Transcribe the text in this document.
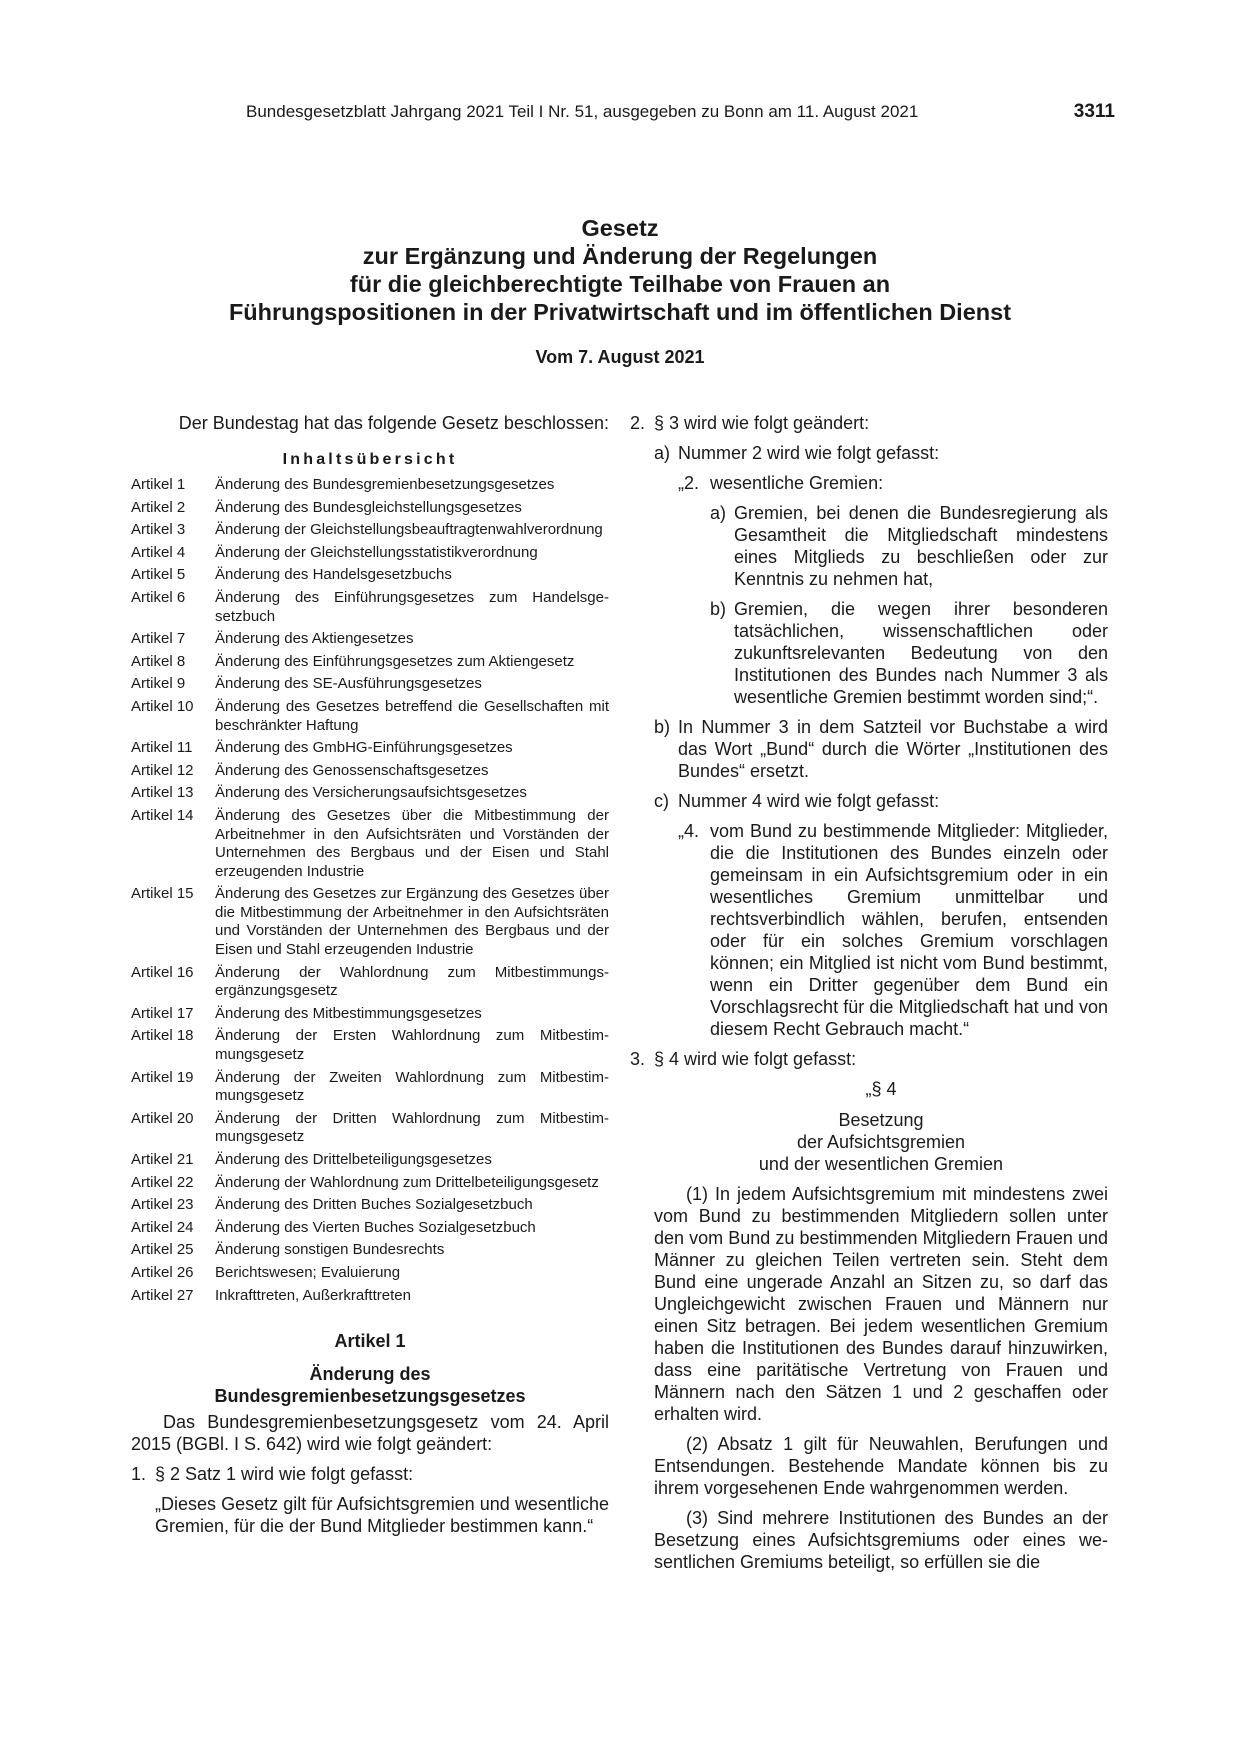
Bundesgesetzblatt Jahrgang 2021 Teil I Nr. 51, ausgegeben zu Bonn am 11. August 2021	3311
Gesetz
zur Ergänzung und Änderung der Regelungen
für die gleichberechtigte Teilhabe von Frauen an
Führungspositionen in der Privatwirtschaft und im öffentlichen Dienst
Vom 7. August 2021
Der Bundestag hat das folgende Gesetz beschlossen:
Inhaltsübersicht
Artikel 1	Änderung des Bundesgremienbesetzungsgesetzes
Artikel 2	Änderung des Bundesgleichstellungsgesetzes
Artikel 3	Änderung der Gleichstellungsbeauftragtenwahlverordnung
Artikel 4	Änderung der Gleichstellungsstatistikverordnung
Artikel 5	Änderung des Handelsgesetzbuchs
Artikel 6	Änderung des Einführungsgesetzes zum Handelsgesetzbuch
Artikel 7	Änderung des Aktiengesetzes
Artikel 8	Änderung des Einführungsgesetzes zum Aktiengesetz
Artikel 9	Änderung des SE-Ausführungsgesetzes
Artikel 10	Änderung des Gesetzes betreffend die Gesellschaften mit beschränkter Haftung
Artikel 11	Änderung des GmbHG-Einführungsgesetzes
Artikel 12	Änderung des Genossenschaftsgesetzes
Artikel 13	Änderung des Versicherungsaufsichtsgesetzes
Artikel 14	Änderung des Gesetzes über die Mitbestimmung der Arbeitnehmer in den Aufsichtsräten und Vorständen der Unternehmen des Bergbaus und der Eisen und Stahl erzeugenden Industrie
Artikel 15	Änderung des Gesetzes zur Ergänzung des Gesetzes über die Mitbestimmung der Arbeitnehmer in den Aufsichtsräten und Vorständen der Unternehmen des Bergbaus und der Eisen und Stahl erzeugenden Industrie
Artikel 16	Änderung der Wahlordnung zum Mitbestimmungsergänzungsgesetz
Artikel 17	Änderung des Mitbestimmungsgesetzes
Artikel 18	Änderung der Ersten Wahlordnung zum Mitbestimmungsgesetz
Artikel 19	Änderung der Zweiten Wahlordnung zum Mitbestimmungsgesetz
Artikel 20	Änderung der Dritten Wahlordnung zum Mitbestimmungsgesetz
Artikel 21	Änderung des Drittelbeteiligungsgesetzes
Artikel 22	Änderung der Wahlordnung zum Drittelbeteiligungsgesetz
Artikel 23	Änderung des Dritten Buches Sozialgesetzbuch
Artikel 24	Änderung des Vierten Buches Sozialgesetzbuch
Artikel 25	Änderung sonstigen Bundesrechts
Artikel 26	Berichtswesen; Evaluierung
Artikel 27	Inkrafttreten, Außerkrafttreten
Artikel 1
Änderung des
Bundesgremienbesetzungsgesetzes
Das Bundesgremienbesetzungsgesetz vom 24. April 2015 (BGBl. I S. 642) wird wie folgt geändert:
1. § 2 Satz 1 wird wie folgt gefasst:
„Dieses Gesetz gilt für Aufsichtsgremien und wesentliche Gremien, für die der Bund Mitglieder bestimmen kann.“
2. § 3 wird wie folgt geändert:
a) Nummer 2 wird wie folgt gefasst:
„2. wesentliche Gremien:
a) Gremien, bei denen die Bundesregierung als Gesamtheit die Mitgliedschaft mindestens eines Mitglieds zu beschließen oder zur Kenntnis zu nehmen hat,
b) Gremien, die wegen ihrer besonderen tatsächlichen, wissenschaftlichen oder zukunftsrelevanten Bedeutung von den Institutionen des Bundes nach Nummer 3 als wesentliche Gremien bestimmt worden sind;“.
b) In Nummer 3 in dem Satzteil vor Buchstabe a wird das Wort „Bund“ durch die Wörter „Institutionen des Bundes“ ersetzt.
c) Nummer 4 wird wie folgt gefasst:
„4. vom Bund zu bestimmende Mitglieder: Mitglieder, die die Institutionen des Bundes einzeln oder gemeinsam in ein Aufsichtsgremium oder in ein wesentliches Gremium unmittelbar und rechtsverbindlich wählen, berufen, entsenden oder für ein solches Gremium vorschlagen können; ein Mitglied ist nicht vom Bund bestimmt, wenn ein Dritter gegenüber dem Bund ein Vorschlagsrecht für die Mitgliedschaft hat und von diesem Recht Gebrauch macht.“
3. § 4 wird wie folgt gefasst:
„§ 4
Besetzung
der Aufsichtsgremien
und der wesentlichen Gremien
(1) In jedem Aufsichtsgremium mit mindestens zwei vom Bund zu bestimmenden Mitgliedern sollen unter den vom Bund zu bestimmenden Mitgliedern Frauen und Männer zu gleichen Teilen vertreten sein. Steht dem Bund eine ungerade Anzahl an Sitzen zu, so darf das Ungleichgewicht zwischen Frauen und Männern nur einen Sitz betragen. Bei jedem wesentlichen Gremium haben die Institutionen des Bundes darauf hinzuwirken, dass eine paritätische Vertretung von Frauen und Männern nach den Sätzen 1 und 2 geschaffen oder erhalten wird.
(2) Absatz 1 gilt für Neuwahlen, Berufungen und Entsendungen. Bestehende Mandate können bis zu ihrem vorgesehenen Ende wahrgenommen werden.
(3) Sind mehrere Institutionen des Bundes an der Besetzung eines Aufsichtsgremiums oder eines wesentlichen Gremiums beteiligt, so erfüllen sie die
